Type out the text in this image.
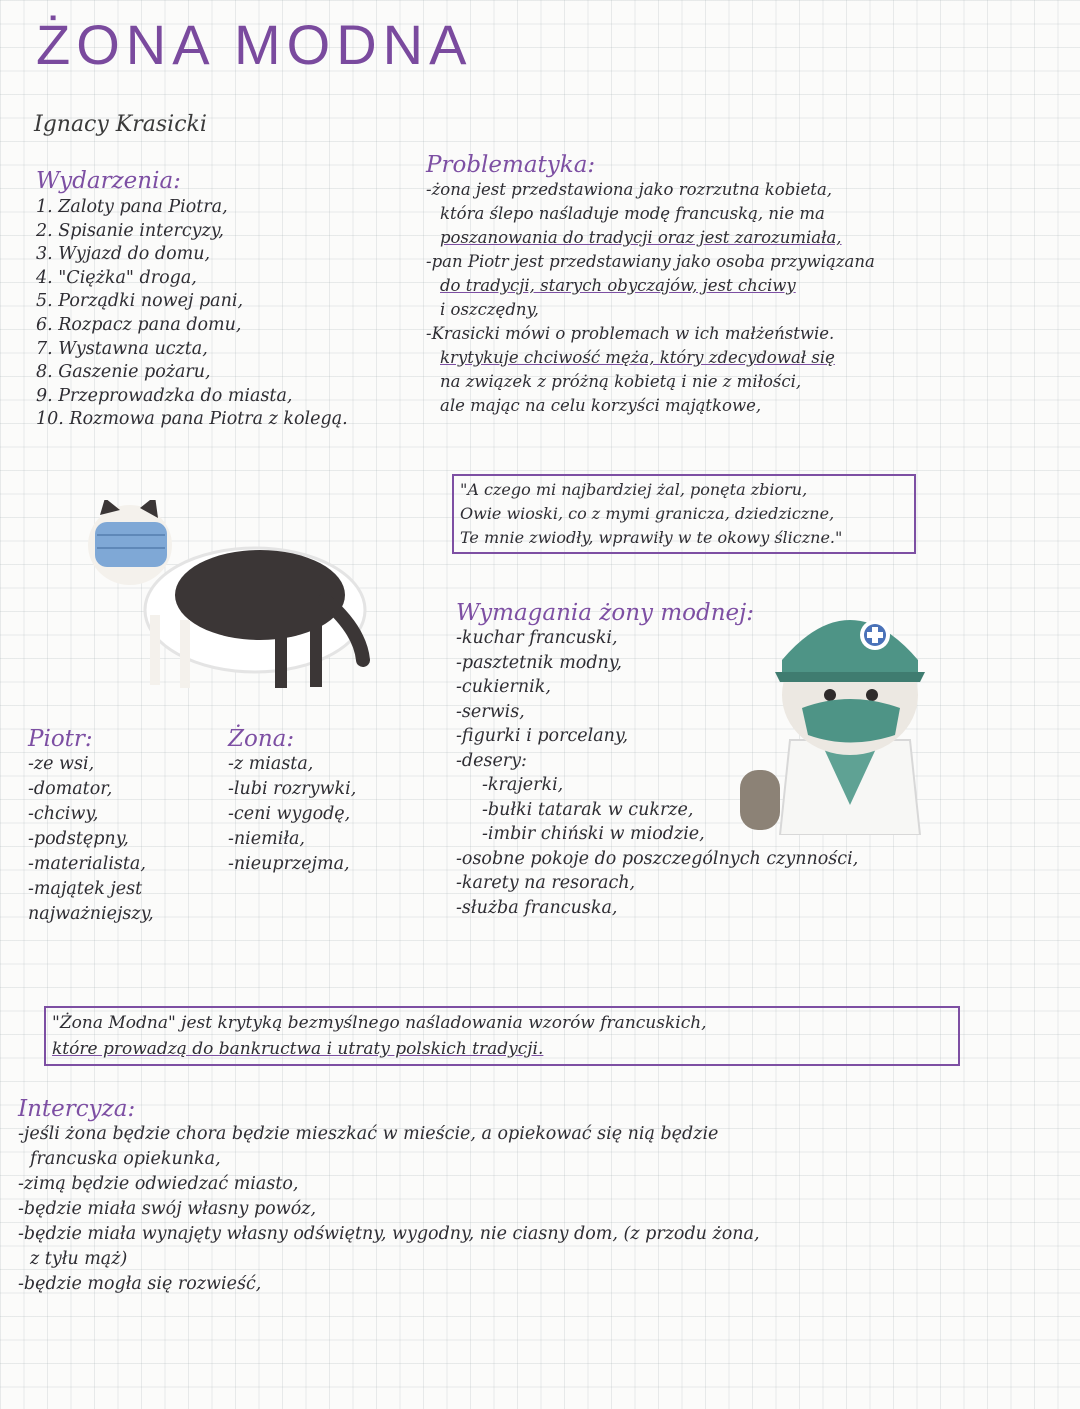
ŻONA MODNA
Ignacy Krasicki
Wydarzenia:
1. Zaloty pana Piotra,
2. Spisanie intercyzy,
3. Wyjazd do domu,
4. "Ciężka" droga,
5. Porządki nowej pani,
6. Rozpacz pana domu,
7. Wystawna uczta,
8. Gaszenie pożaru,
9. Przeprowadzka do miasta,
10. Rozmowa pana Piotra z kolegą.
Problematyka:
-żona jest przedstawiona jako rozrzutna kobieta,
która ślepo naśladuje modę francuską, nie ma
poszanowania do tradycji oraz jest zarozumiała,
-pan Piotr jest przedstawiany jako osoba przywiązana
do tradycji, starych obyczajów, jest chciwy
i oszczędny,
-Krasicki mówi o problemach w ich małżeństwie.
krytykuje chciwość męża, który zdecydował się
na związek z próżną kobietą i nie z miłości,
ale mając na celu korzyści majątkowe,
"A czego mi najbardziej żal, ponęta zbioru,
Owie wioski, co z mymi granicza, dziedziczne,
Te mnie zwiodły, wprawiły w te okowy śliczne."
Wymagania żony modnej:
-kuchar francuski,
-pasztetnik modny,
-cukiernik,
-serwis,
-figurki i porcelany,
-desery:
-krajerki,
-bułki tatarak w cukrze,
-imbir chiński w miodzie,
-osobne pokoje do poszczególnych czynności,
-karety na resorach,
-służba francuska,
Piotr:
-ze wsi,
-domator,
-chciwy,
-podstępny,
-materialista,
-majątek jest
najważniejszy,
Żona:
-z miasta,
-lubi rozrywki,
-ceni wygodę,
-niemiła,
-nieuprzejma,
"Żona Modna" jest krytyką bezmyślnego naśladowania wzorów francuskich,
które prowadzą do bankructwa i utraty polskich tradycji.
Intercyza:
-jeśli żona będzie chora będzie mieszkać w mieście, a opiekować się nią będzie
francuska opiekunka,
-zimą będzie odwiedzać miasto,
-będzie miała swój własny powóz,
-będzie miała wynajęty własny odświętny, wygodny, nie ciasny dom, (z przodu żona,
z tyłu mąż)
-będzie mogła się rozwieść,
